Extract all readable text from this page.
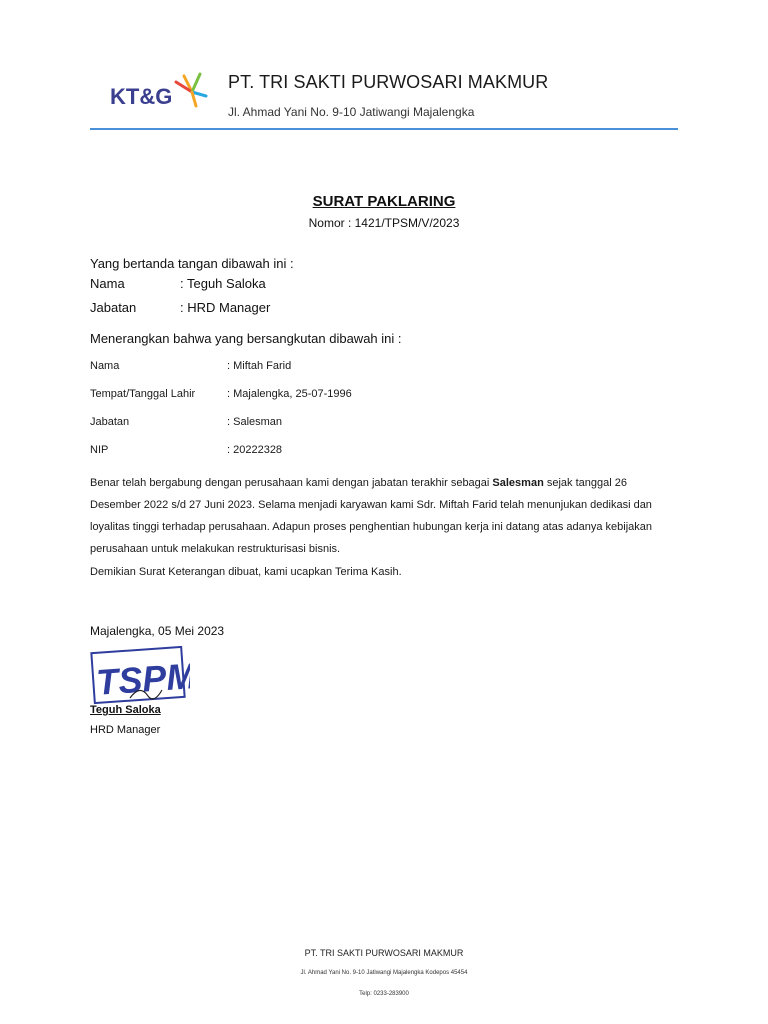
KT&G
PT. TRI SAKTI PURWOSARI MAKMUR
Jl. Ahmad Yani No. 9-10 Jatiwangi Majalengka
SURAT PAKLARING
Nomor : 1421/TPSM/V/2023
Yang bertanda tangan dibawah ini :
Nama	: Teguh Saloka
Jabatan	: HRD Manager
Menerangkan bahwa yang bersangkutan dibawah ini :
Nama	: Miftah Farid
Tempat/Tanggal Lahir	: Majalengka, 25-07-1996
Jabatan	: Salesman
NIP	: 20222328
Benar telah bergabung dengan perusahaan kami dengan jabatan terakhir sebagai Salesman sejak tanggal 26 Desember 2022 s/d 27 Juni 2023. Selama menjadi karyawan kami Sdr. Miftah Farid telah menunjukan dedikasi dan loyalitas tinggi terhadap perusahaan. Adapun proses penghentian hubungan kerja ini datang atas adanya kebijakan perusahaan untuk melakukan restrukturisasi bisnis.
Demikian Surat Keterangan dibuat, kami ucapkan Terima Kasih.
Majalengka, 05 Mei 2023
TSPM
Teguh Saloka
HRD Manager
PT. TRI SAKTI PURWOSARI MAKMUR
Jl. Ahmad Yani No. 9-10 Jatiwangi Majalengka Kodepos 45454
Telp: 0233-283900
